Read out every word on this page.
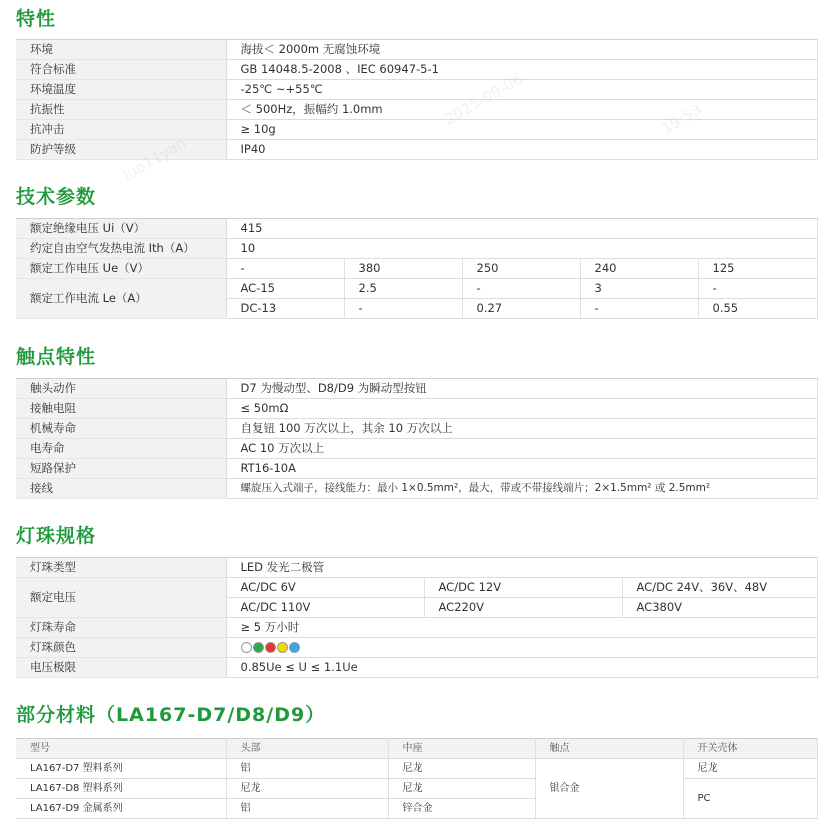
特性
环境	海拔＜ 2000m 无腐蚀环境
符合标准	GB 14048.5-2008 、IEC 60947-5-1
环境温度	-25℃ ~+55℃
抗振性	＜ 500Hz，振幅约 1.0mm
抗冲击	≥ 10g
防护等级	IP40
技术参数
额定绝缘电压 Ui（V）	415				
约定自由空气发热电流 Ith（A）	10				
额定工作电压 Ue（V）	-	380	250	240	125
额定工作电流 Le（A）	AC-15	2.5	-	3	-
	DC-13	-	0.27	-	0.55
触点特性
触头动作	D7 为慢动型、D8/D9 为瞬动型按钮
接触电阻	≤ 50mΩ
机械寿命	自复钮 100 万次以上，其余 10 万次以上
电寿命	AC 10 万次以上
短路保护	RT16-10A
接线	螺旋压入式端子，接线能力：最小 1×0.5mm²，最大，带或不带接线端片；2×1.5mm² 或 2.5mm²
灯珠规格
灯珠类型	LED 发光二极管		
额定电压	AC/DC 6V	AC/DC 12V	AC/DC 24V、36V、48V
	AC/DC 110V	AC220V	AC380V
灯珠寿命	≥ 5 万小时		
灯珠颜色			

电压极限	0.85Ue ≤ U ≤ 1.1Ue		
部分材料（LA167-D7/D8/D9）
型号	头部	中座	触点	开关壳体
LA167-D7 塑料系列	铝	尼龙	银合金	尼龙
LA167-D8 塑料系列	尼龙	尼龙		PC
LA167-D9 金属系列	铝	锌合金		
2025-09-06	19:53
